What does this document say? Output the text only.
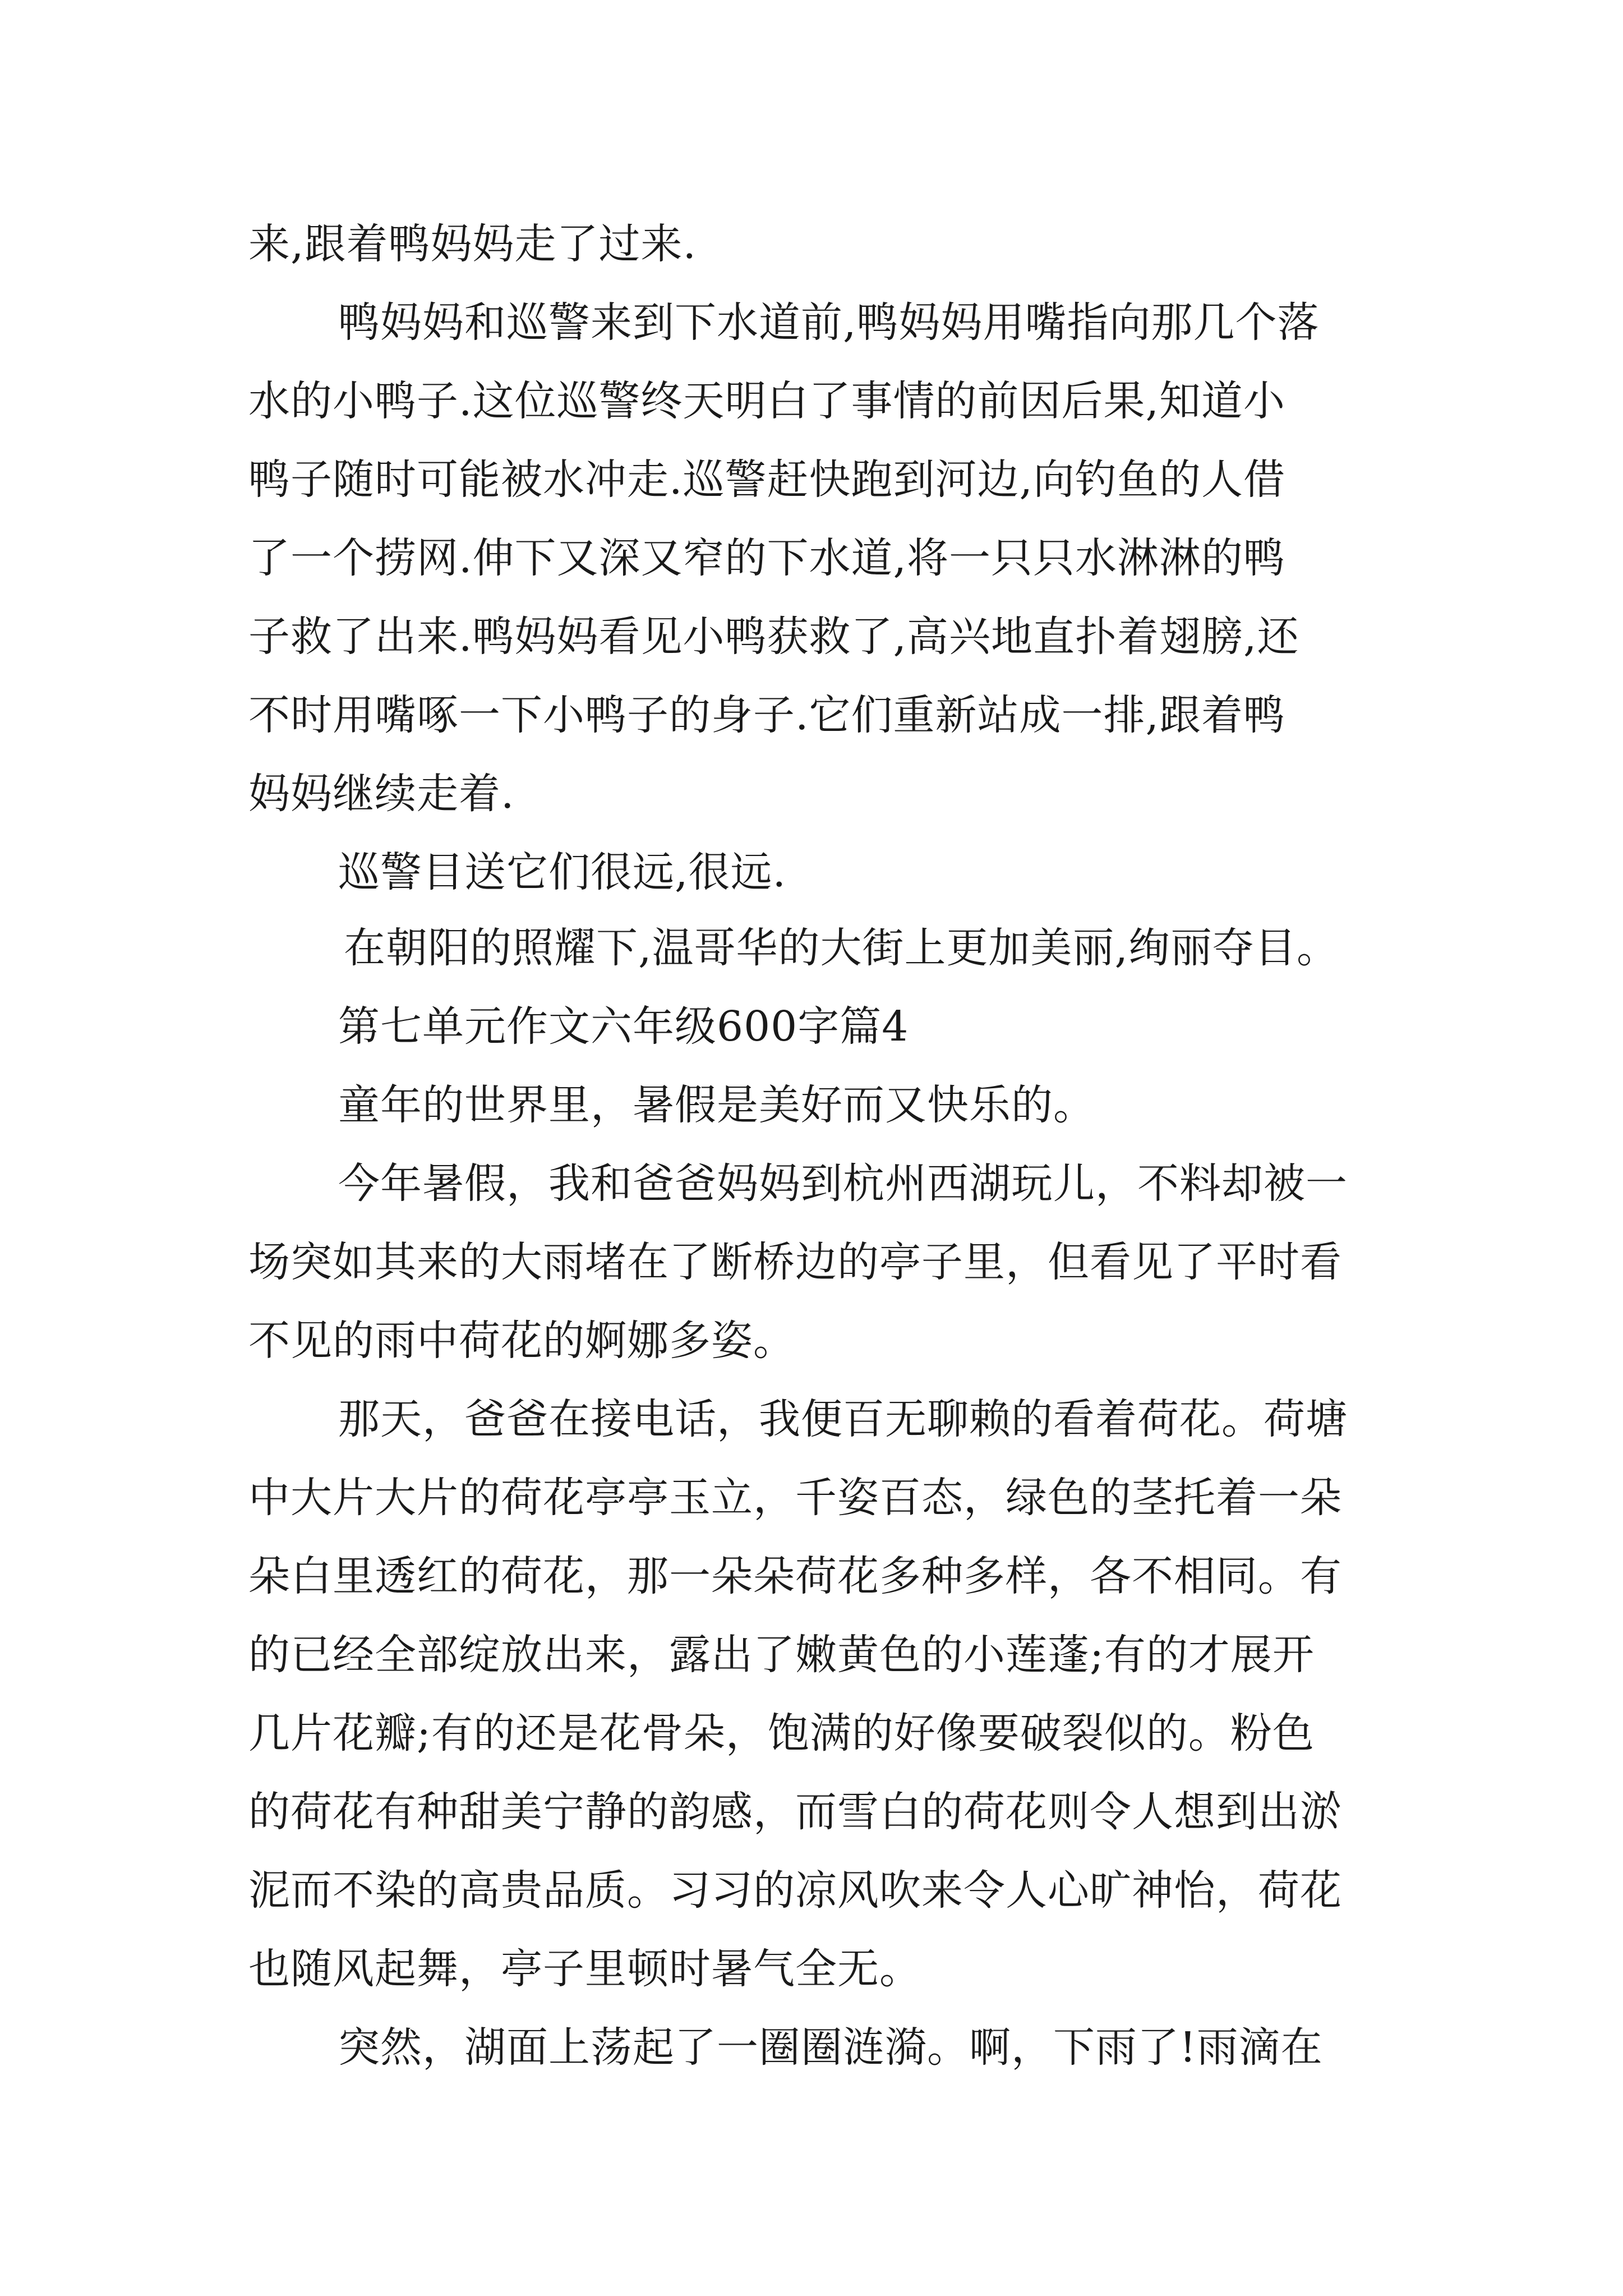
来,跟着鸭妈妈走了过来.
鸭妈妈和巡警来到下水道前,鸭妈妈用嘴指向那几个落
水的小鸭子.这位巡警终天明白了事情的前因后果,知道小
鸭子随时可能被水冲走.巡警赶快跑到河边,向钓鱼的人借
了一个捞网.伸下又深又窄的下水道,将一只只水淋淋的鸭
子救了出来.鸭妈妈看见小鸭获救了,高兴地直扑着翅膀,还
不时用嘴啄一下小鸭子的身子.它们重新站成一排,跟着鸭
妈妈继续走着.
巡警目送它们很远,很远.
在朝阳的照耀下,温哥华的大街上更加美丽,绚丽夺目。
第七单元作文六年级600字篇4
童年的世界里，暑假是美好而又快乐的。
今年暑假，我和爸爸妈妈到杭州西湖玩儿，不料却被一
场突如其来的大雨堵在了断桥边的亭子里，但看见了平时看
不见的雨中荷花的婀娜多姿。
那天，爸爸在接电话，我便百无聊赖的看着荷花。荷塘
中大片大片的荷花亭亭玉立，千姿百态，绿色的茎托着一朵
朵白里透红的荷花，那一朵朵荷花多种多样，各不相同。有
的已经全部绽放出来，露出了嫩黄色的小莲蓬;有的才展开
几片花瓣;有的还是花骨朵，饱满的好像要破裂似的。粉色
的荷花有种甜美宁静的韵感，而雪白的荷花则令人想到出淤
泥而不染的高贵品质。习习的凉风吹来令人心旷神怡，荷花
也随风起舞，亭子里顿时暑气全无。
突然，湖面上荡起了一圈圈涟漪。啊，下雨了!雨滴在
